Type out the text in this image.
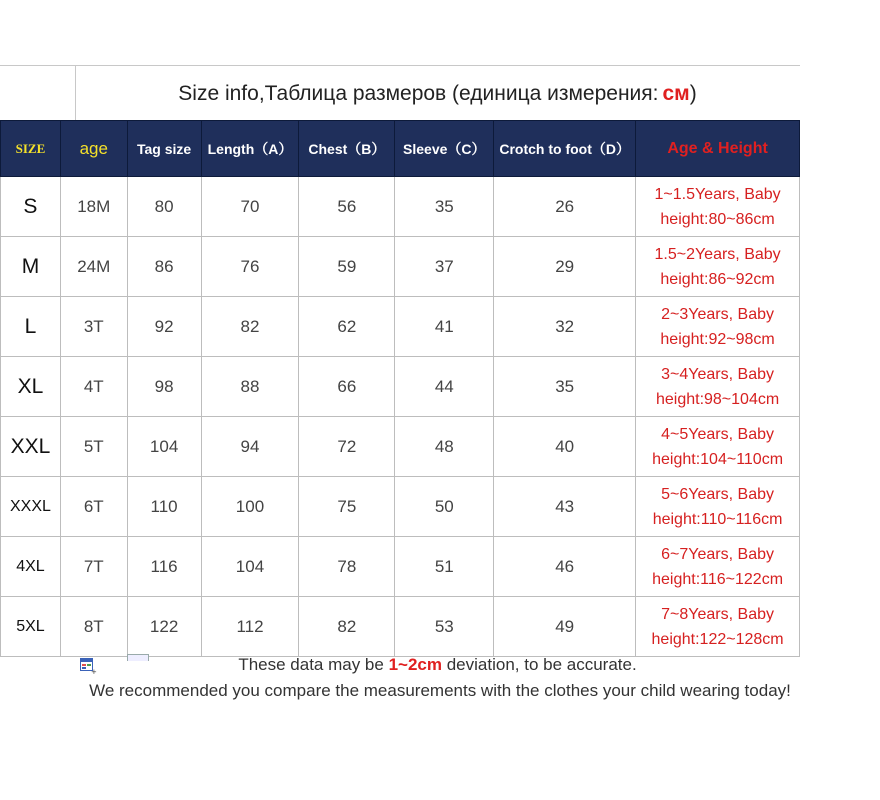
Size info,Таблица размеров (единица измерения: см )
SIZE	age	Tag size	Length（A）	Chest（B）	Sleeve（C）	Crotch to foot（D）	Age & Height
S	18M	80	70	56	35	26	1~1.5Years, Baby
height:80~86cm
M	24M	86	76	59	37	29	1.5~2Years, Baby
height:86~92cm
L	3T	92	82	62	41	32	2~3Years, Baby
height:92~98cm
XL	4T	98	88	66	44	35	3~4Years, Baby
height:98~104cm
XXL	5T	104	94	72	48	40	4~5Years, Baby
height:104~110cm
XXXL	6T	110	100	75	50	43	5~6Years, Baby
height:110~116cm
4XL	7T	116	104	78	51	46	6~7Years, Baby
height:116~122cm
5XL	8T	122	112	82	53	49	7~8Years, Baby
height:122~128cm
+	These data may be 1~2cm deviation, to be accurate.
We recommended you compare the measurements with the clothes your child wearing today!
